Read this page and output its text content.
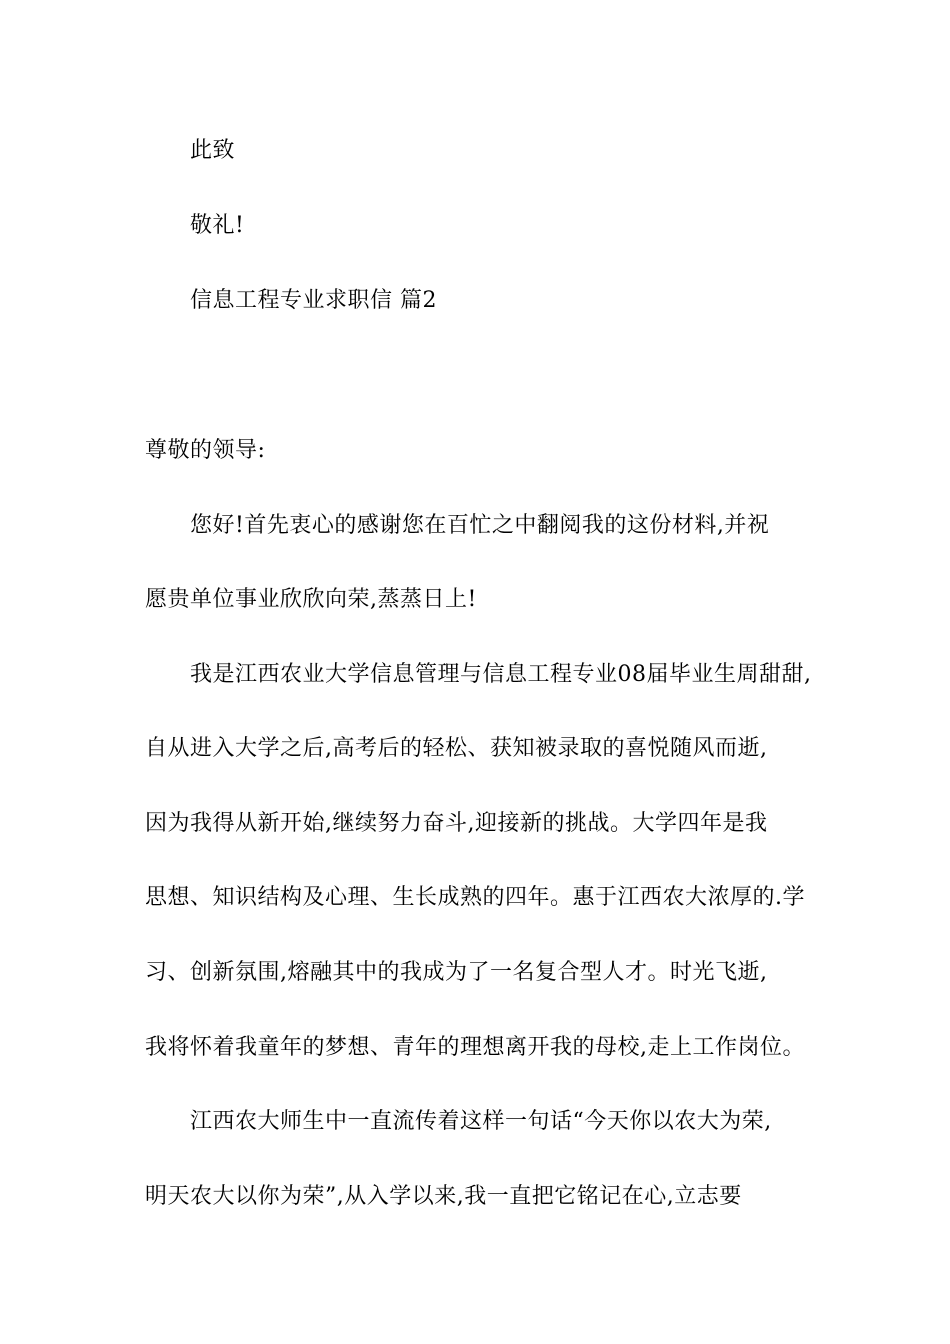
此致
敬礼!
信息工程专业求职信 篇2
尊敬的领导:
您好!首先衷心的感谢您在百忙之中翻阅我的这份材料,并祝
愿贵单位事业欣欣向荣,蒸蒸日上!
我是江西农业大学信息管理与信息工程专业08届毕业生周甜甜,
自从进入大学之后,高考后的轻松、获知被录取的喜悦随风而逝,
因为我得从新开始,继续努力奋斗,迎接新的挑战。大学四年是我
思想、知识结构及心理、生长成熟的四年。惠于江西农大浓厚的.学
习、创新氛围,熔融其中的我成为了一名复合型人才。时光飞逝,
我将怀着我童年的梦想、青年的理想离开我的母校,走上工作岗位。
江西农大师生中一直流传着这样一句话“今天你以农大为荣,
明天农大以你为荣”,从入学以来,我一直把它铭记在心,立志要
